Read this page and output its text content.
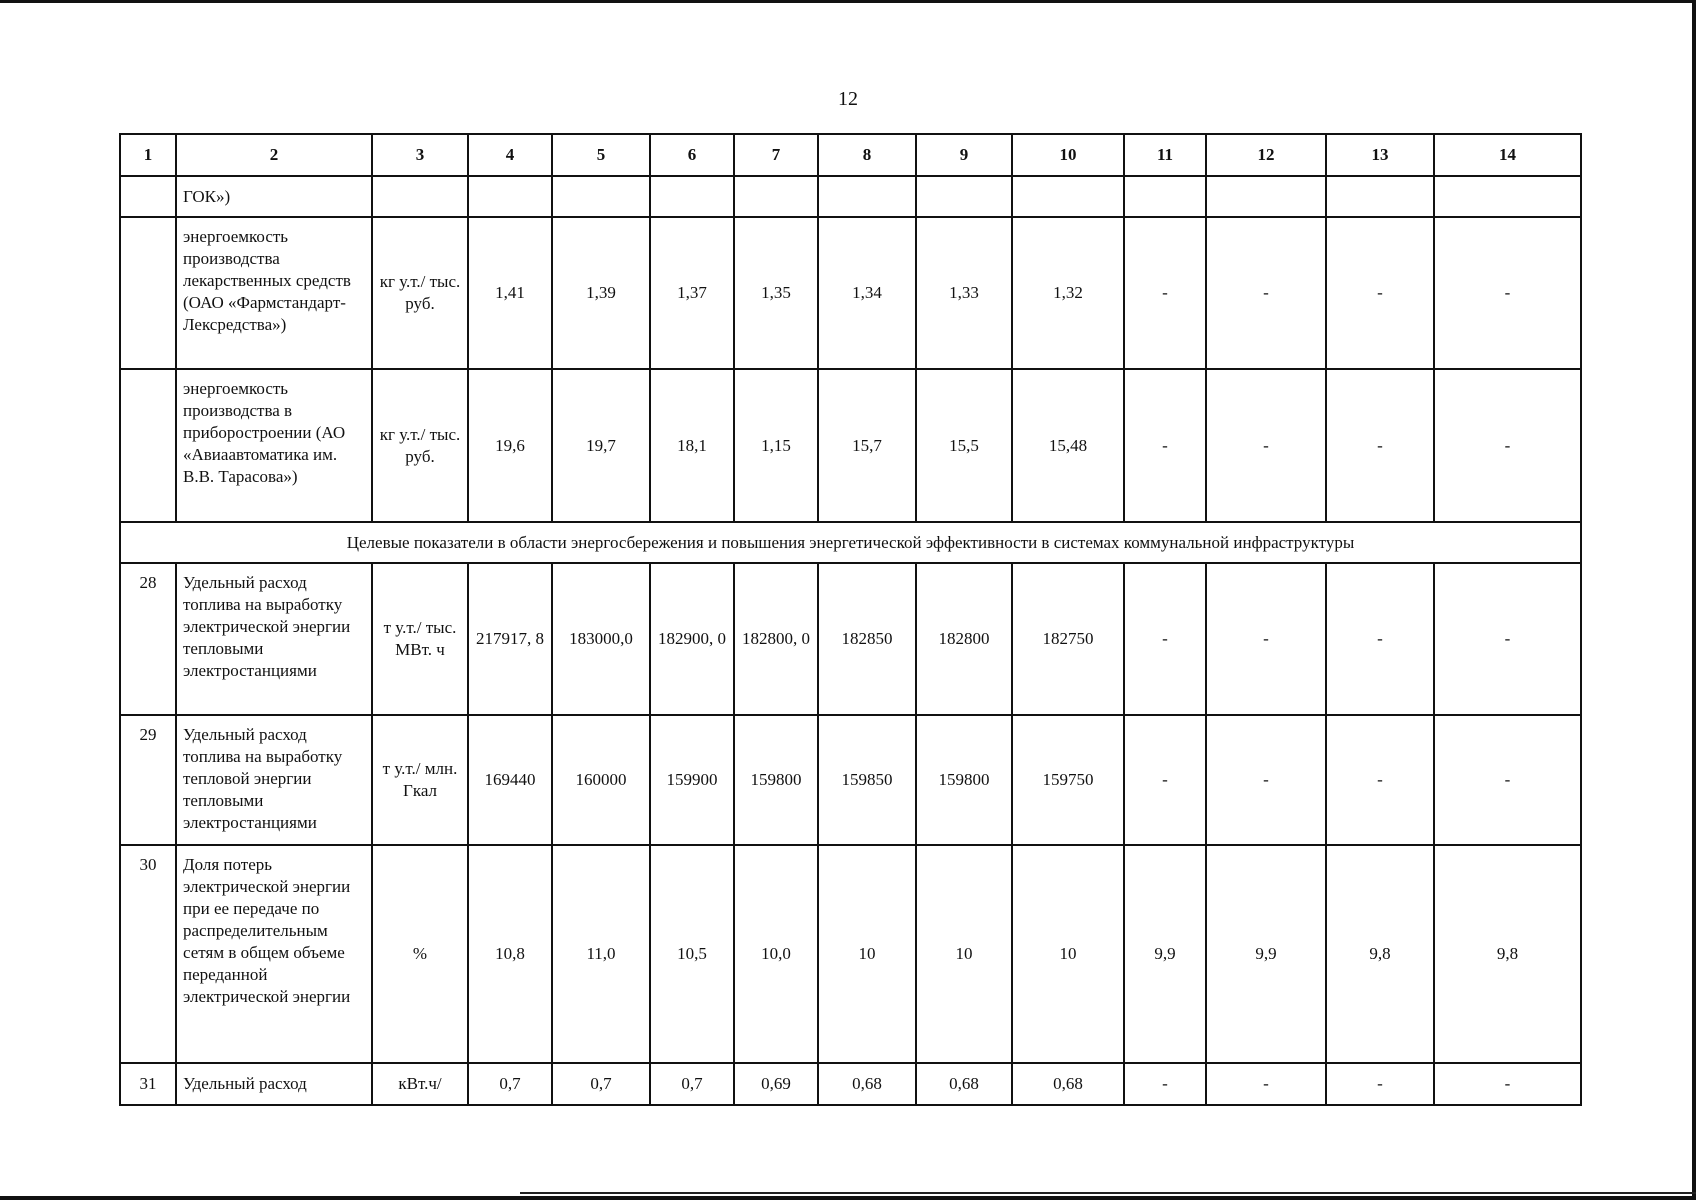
12
1	2	3	4	5	6	7	8	9	10	11	12	13	14
	ГОК»)												
	энергоемкость производства лекарственных средств (ОАО «Фармстандарт-Лексредства»)	кг у.т./ тыс. руб.	1,41	1,39	1,37	1,35	1,34	1,33	1,32	-	-	-	-
	энергоемкость производства в приборостроении (АО «Авиаавтоматика им. В.В. Тарасова»)	кг у.т./ тыс. руб.	19,6	19,7	18,1	1,15	15,7	15,5	15,48	-	-	-	-
Целевые показатели в области энергосбережения и повышения энергетической эффективности в системах коммунальной инфраструктуры													
28	Удельный расход топлива на выработку электрической энергии тепловыми электростанциями	т у.т./ тыс. МВт. ч	217917, 8	183000,0	182900, 0	182800, 0	182850	182800	182750	-	-	-	-
29	Удельный расход топлива на выработку тепловой энергии тепловыми электростанциями	т у.т./ млн. Гкал	169440	160000	159900	159800	159850	159800	159750	-	-	-	-
30	Доля потерь электрической энергии при ее передаче по распределительным сетям в общем объеме переданной электрической энергии	%	10,8	11,0	10,5	10,0	10	10	10	9,9	9,9	9,8	9,8
31	Удельный расход	кВт.ч/	0,7	0,7	0,7	0,69	0,68	0,68	0,68	-	-	-	-
